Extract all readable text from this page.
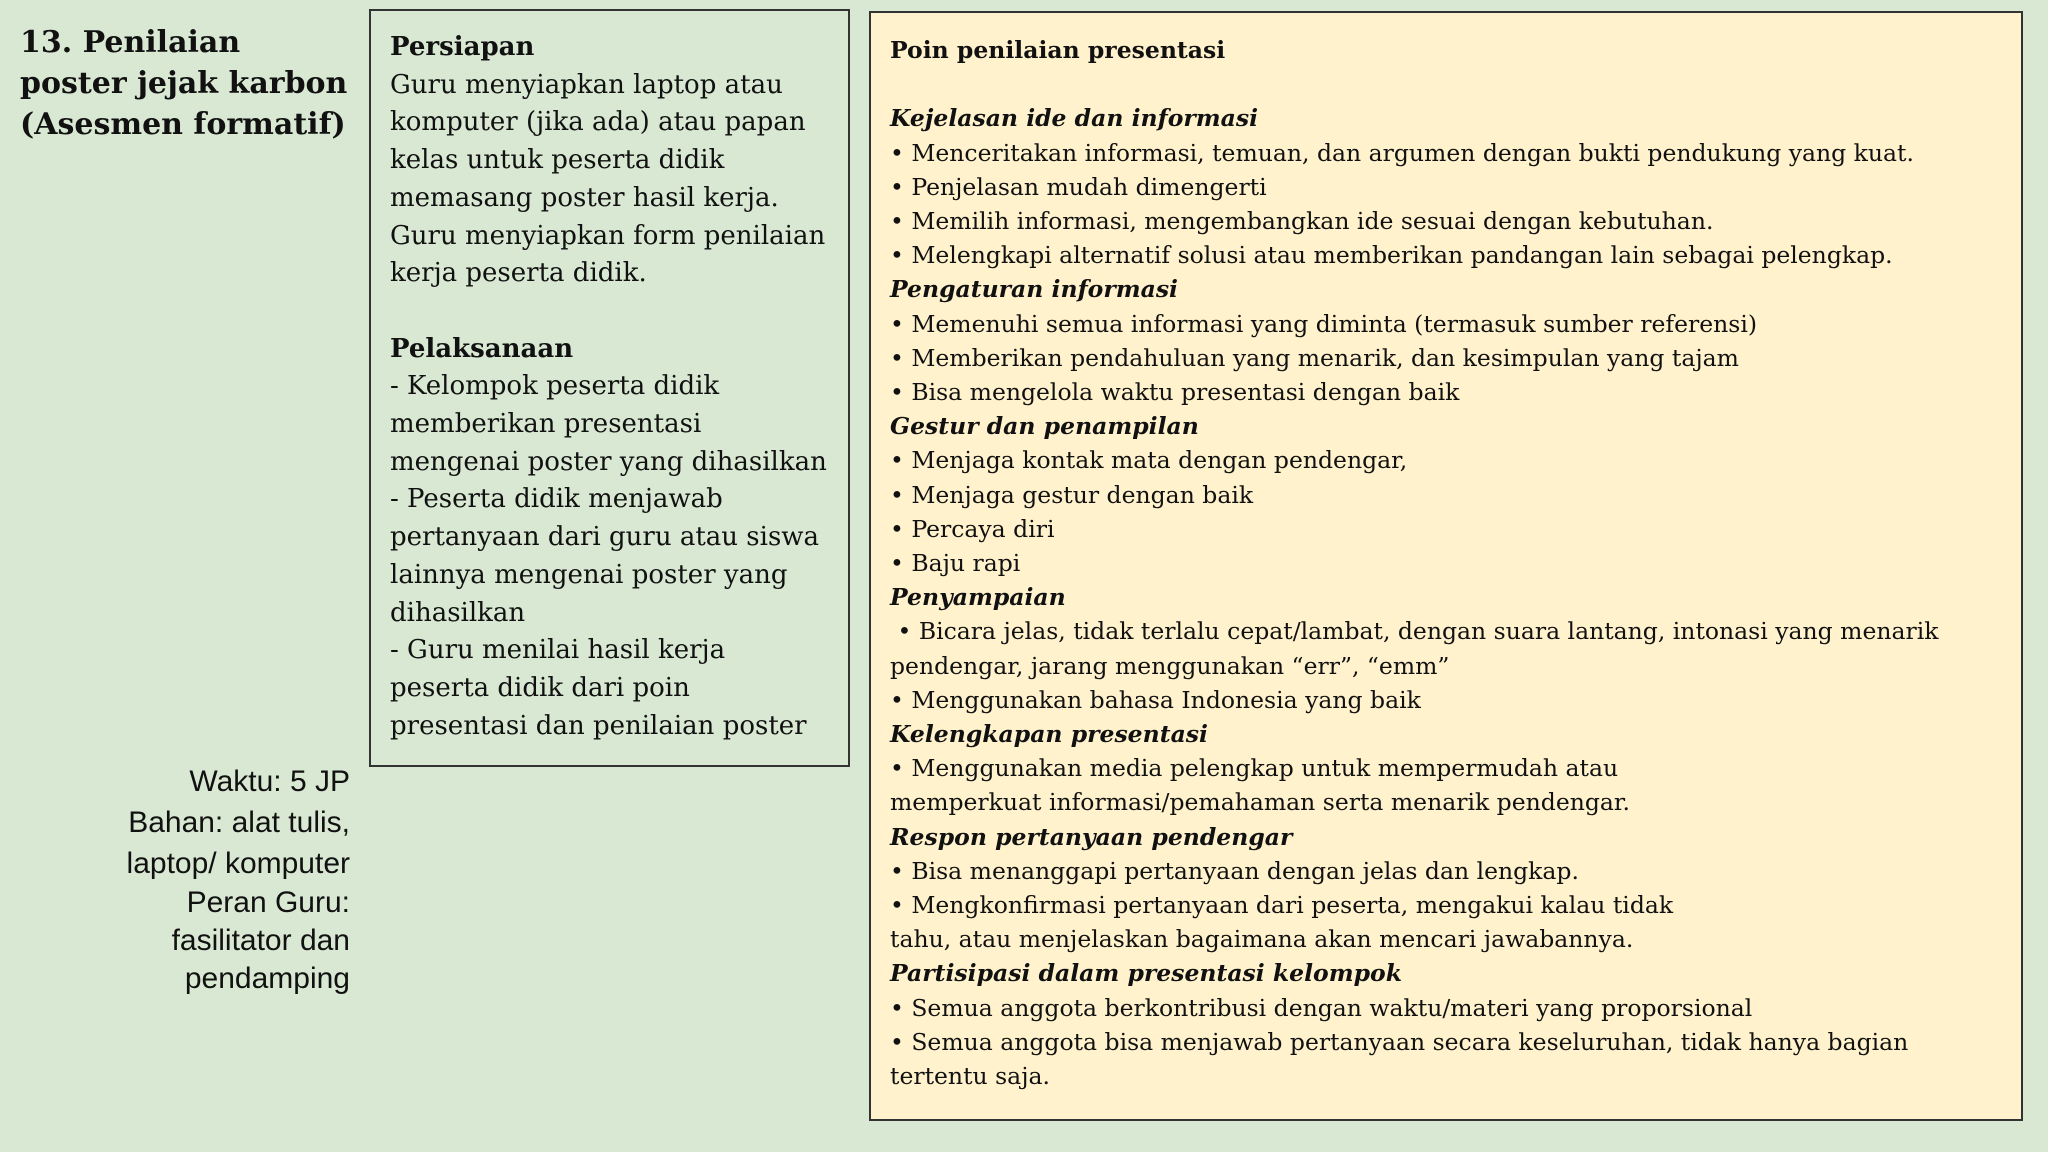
13. Penilaian poster jejak karbon (Asesmen formatif)
Waktu: 5 JP
Bahan: alat tulis,
laptop/ komputer
Peran Guru:
fasilitator dan
pendamping
Persiapan

Guru menyiapkan laptop atau komputer (jika ada) atau papan kelas untuk peserta didik memasang poster hasil kerja. Guru menyiapkan form penilaian kerja peserta didik.

Pelaksanaan

- Kelompok peserta didik memberikan presentasi mengenai poster yang dihasilkan

- Peserta didik menjawab pertanyaan dari guru atau siswa lainnya mengenai poster yang dihasilkan

- Guru menilai hasil kerja peserta didik dari poin presentasi dan penilaian poster

Poin penilaian presentasi

Kejelasan ide dan informasi

• Menceritakan informasi, temuan, dan argumen dengan bukti pendukung yang kuat.

• Penjelasan mudah dimengerti

• Memilih informasi, mengembangkan ide sesuai dengan kebutuhan.

• Melengkapi alternatif solusi atau memberikan pandangan lain sebagai pelengkap.

Pengaturan informasi

• Memenuhi semua informasi yang diminta (termasuk sumber referensi)

• Memberikan pendahuluan yang menarik, dan kesimpulan yang tajam

• Bisa mengelola waktu presentasi dengan baik

Gestur dan penampilan

• Menjaga kontak mata dengan pendengar,

• Menjaga gestur dengan baik

• Percaya diri

• Baju rapi

Penyampaian

• Bicara jelas, tidak terlalu cepat/lambat, dengan suara lantang, intonasi yang menarik pendengar, jarang menggunakan “err”, “emm”

• Menggunakan bahasa Indonesia yang baik

Kelengkapan presentasi

• Menggunakan media pelengkap untuk mempermudah atau
memperkuat informasi/pemahaman serta menarik pendengar.

Respon pertanyaan pendengar

• Bisa menanggapi pertanyaan dengan jelas dan lengkap.

• Mengkonfirmasi pertanyaan dari peserta, mengakui kalau tidak
tahu, atau menjelaskan bagaimana akan mencari jawabannya.

Partisipasi dalam presentasi kelompok

• Semua anggota berkontribusi dengan waktu/materi yang proporsional

• Semua anggota bisa menjawab pertanyaan secara keseluruhan, tidak hanya bagian tertentu saja.
